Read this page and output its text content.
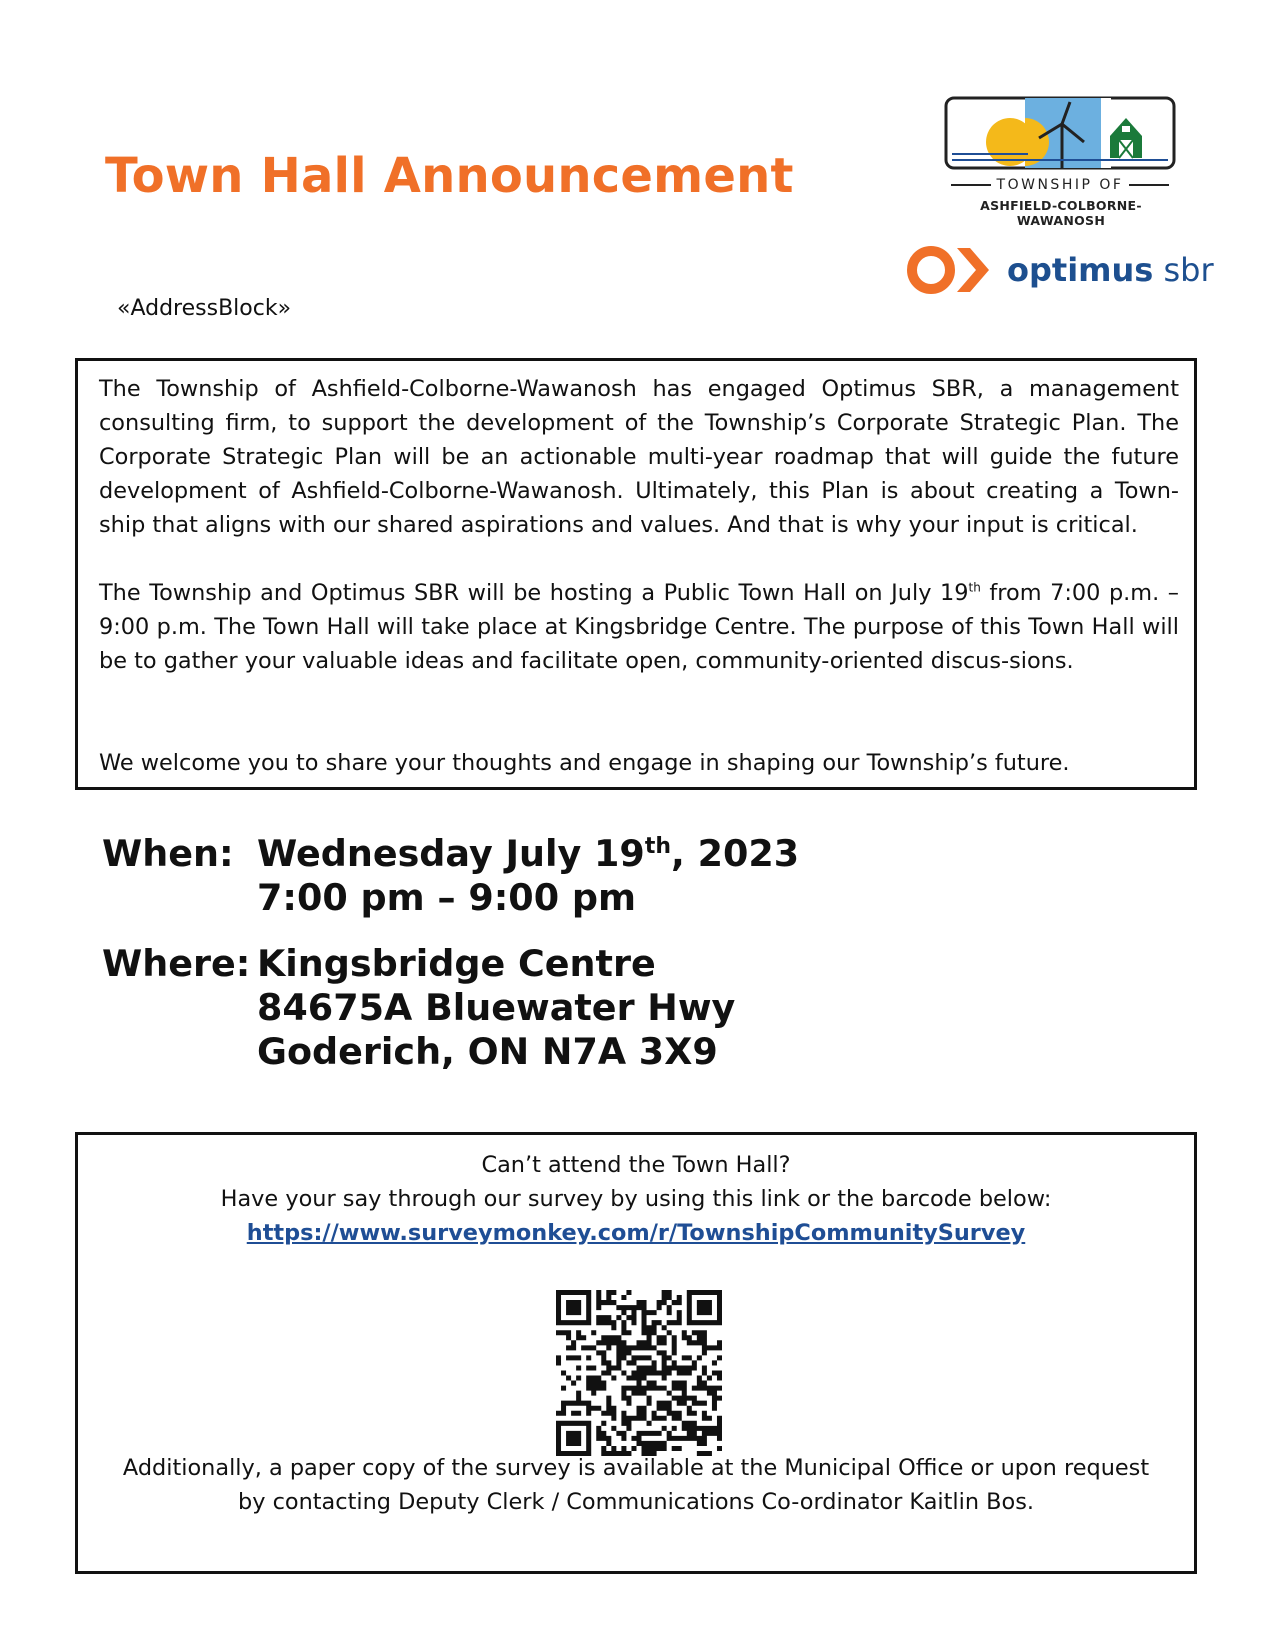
Town Hall Announcement	TOWNSHIP OF
ASHFIELD-COLBORNE-WAWANOSH
optimus sbr
«AddressBlock»

The Township of Ashfield-Colborne-Wawanosh has engaged Optimus SBR, a management consulting firm, to support the development of the Township’s Corporate Strategic Plan. The Corporate Strategic Plan will be an actionable multi-year roadmap that will guide the future development of Ashfield-Colborne-Wawanosh. Ultimately, this Plan is about creating a Town-ship that aligns with our shared aspirations and values. And that is why your input is critical.

The Township and Optimus SBR will be hosting a Public Town Hall on July 19th from 7:00 p.m. – 9:00 p.m. The Town Hall will take place at Kingsbridge Centre. The purpose of this Town Hall will be to gather your valuable ideas and facilitate open, community-oriented discus-sions.

We welcome you to share your thoughts and engage in shaping our Township’s future.

When: Wednesday July 19th, 2023
7:00 pm – 9:00 pm
Where: Kingsbridge Centre
84675A Bluewater Hwy
Goderich, ON N7A 3X9
Can’t attend the Town Hall?
Have your say through our survey by using this link or the barcode below:
https://www.surveymonkey.com/r/TownshipCommunitySurvey
Additionally, a paper copy of the survey is available at the Municipal Office or upon request
by contacting Deputy Clerk / Communications Co-ordinator Kaitlin Bos.
